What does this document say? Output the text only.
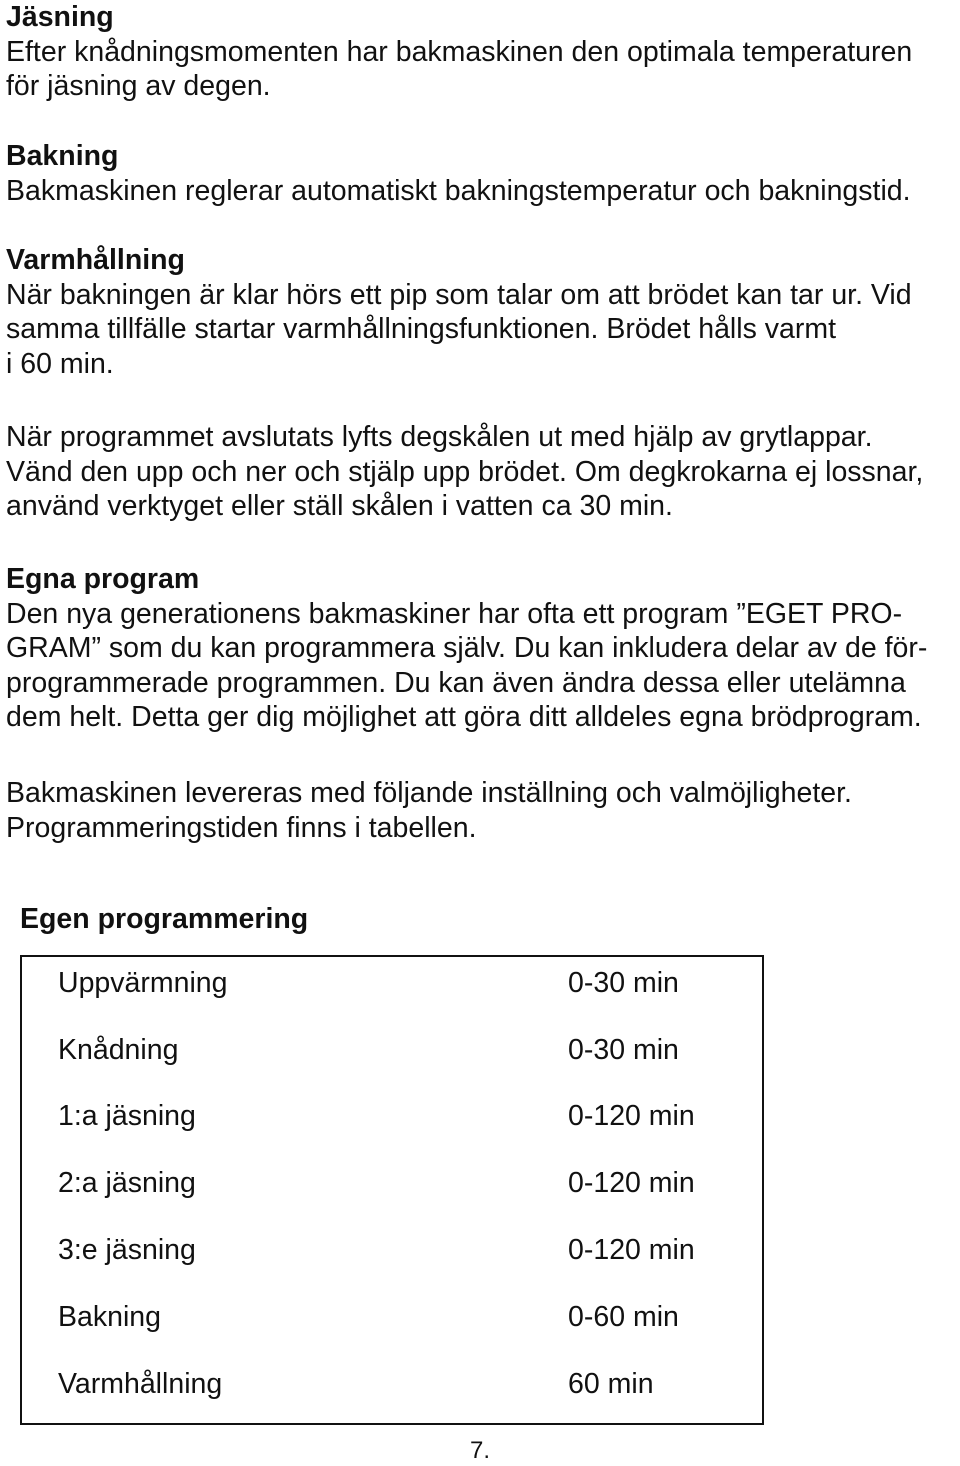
Jäsning

Efter knådningsmomenten har bakmaskinen den optimala temperaturen

för jäsning av degen.

Bakning

Bakmaskinen reglerar automatiskt bakningstemperatur och bakningstid.

Varmhållning

När bakningen är klar hörs ett pip som talar om att brödet kan tar ur. Vid

samma tillfälle startar varmhållningsfunktionen. Brödet hålls varmt

i 60 min.

När programmet avslutats lyfts degskålen ut med hjälp av grytlappar.

Vänd den upp och ner och stjälp upp brödet. Om degkrokarna ej lossnar,

använd verktyget eller ställ skålen i vatten ca 30 min.

Egna program

Den nya generationens bakmaskiner har ofta ett program ”EGET PRO-

GRAM” som du kan programmera själv. Du kan inkludera delar av de för-

programmerade programmen. Du kan även ändra dessa eller utelämna

dem helt. Detta ger dig möjlighet att göra ditt alldeles egna brödprogram.

Bakmaskinen levereras med följande inställning och valmöjligheter.

Programmeringstiden finns i tabellen.

Egen programmering
Uppvärmning	0-30 min
Knådning	0-30 min
1:a jäsning	0-120 min
2:a jäsning	0-120 min
3:e jäsning	0-120 min
Bakning	0-60 min
Varmhållning	60 min
7.
